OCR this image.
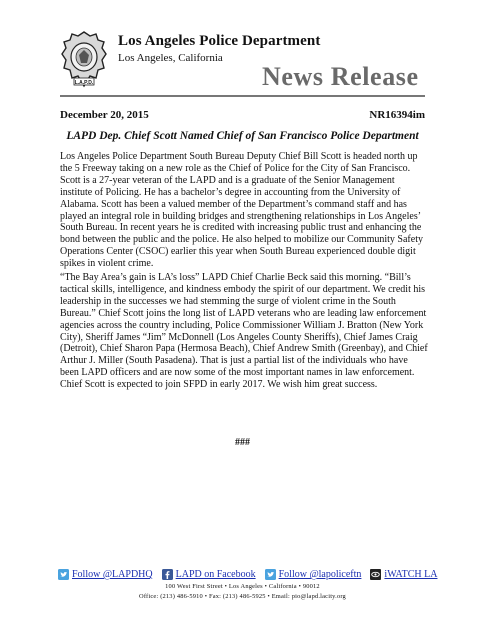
L.A.P.D.
Los Angeles Police Department
Los Angeles, California
News Release
December 20, 2015	NR16394im
LAPD Dep. Chief Scott Named Chief of San Francisco Police Department

Los Angeles Police Department South Bureau Deputy Chief Bill Scott is headed north up the 5 Freeway taking on a new role as the Chief of Police for the City of San Francisco. Scott is a 27-year veteran of the LAPD and is a graduate of the Senior Management institute of Policing. He has a bachelor’s degree in accounting from the University of Alabama. Scott has been a valued member of the Department’s command staff and has played an integral role in building bridges and strengthening relationships in Los Angeles’ South Bureau. In recent years he is credited with increasing public trust and enhancing the bond between the public and the police. He also helped to mobilize our Community Safety Operations Center (CSOC) earlier this year when South Bureau experienced double digit spikes in violent crime.

“The Bay Area’s gain is LA’s loss” LAPD Chief Charlie Beck said this morning. “Bill’s tactical skills, intelligence, and kindness embody the spirit of our department. We credit his leadership in the successes we had stemming the surge of violent crime in the South Bureau.” Chief Scott joins the long list of LAPD veterans who are leading law enforcement agencies across the country including, Police Commissioner William J. Bratton (New York City), Sheriff James “Jim” McDonnell (Los Angeles County Sheriffs), Chief James Craig (Detroit), Chief Sharon Papa (Hermosa Beach), Chief Andrew Smith (Greenbay), and Chief Arthur J. Miller (South Pasadena). That is just a partial list of the individuals who have been LAPD officers and are now some of the most important names in law enforcement. Chief Scott is expected to join SFPD in early 2017. We wish him great success.

###
Follow @LAPDHQ LAPD on Facebook Follow @lapoliceftn iWATCH LA
100 West First Street • Los Angeles • California • 90012
Office: (213) 486-5910 • Fax: (213) 486-5925 • Email: pio@lapd.lacity.org
